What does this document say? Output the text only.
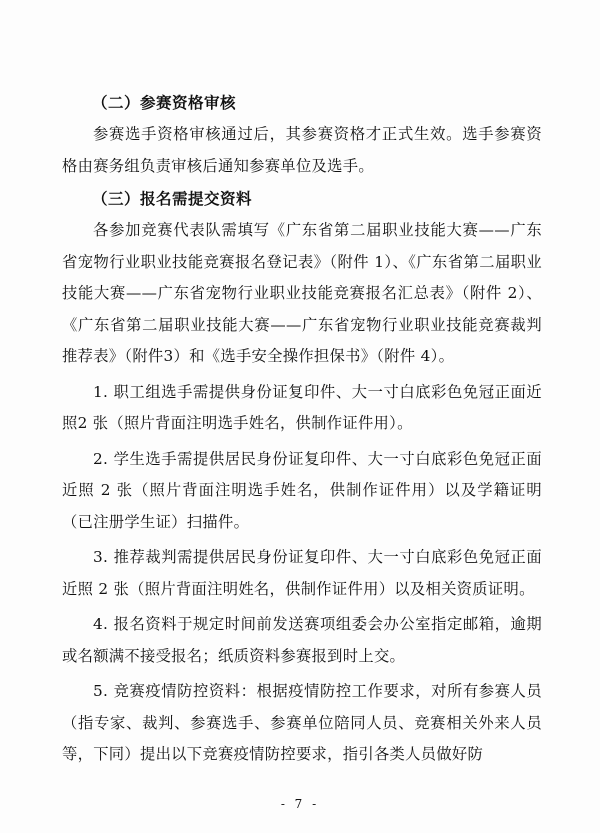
（二）参赛资格审核
参赛选手资格审核通过后，其参赛资格才正式生效。选手参赛资格由赛务组负责审核后通知参赛单位及选手。
（三）报名需提交资料
各参加竞赛代表队需填写《广东省第二届职业技能大赛——广东省宠物行业职业技能竞赛报名登记表》（附件 1）、《广东省第二届职业技能大赛——广东省宠物行业职业技能竞赛报名汇总表》（附件 2）、《广东省第二届职业技能大赛——广东省宠物行业职业技能竞赛裁判推荐表》（附件3）和《选手安全操作担保书》（附件 4）。
1. 职工组选手需提供身份证复印件、大一寸白底彩色免冠正面近照2 张（照片背面注明选手姓名，供制作证件用）。
2. 学生选手需提供居民身份证复印件、大一寸白底彩色免冠正面近照 2 张（照片背面注明选手姓名，供制作证件用）以及学籍证明（已注册学生证）扫描件。
3. 推荐裁判需提供居民身份证复印件、大一寸白底彩色免冠正面近照 2 张（照片背面注明姓名，供制作证件用）以及相关资质证明。
4. 报名资料于规定时间前发送赛项组委会办公室指定邮箱，逾期或名额满不接受报名；纸质资料参赛报到时上交。
5. 竞赛疫情防控资料：根据疫情防控工作要求，对所有参赛人员（指专家、裁判、参赛选手、参赛单位陪同人员、竞赛相关外来人员等，下同）提出以下竞赛疫情防控要求，指引各类人员做好防
- 7 -
